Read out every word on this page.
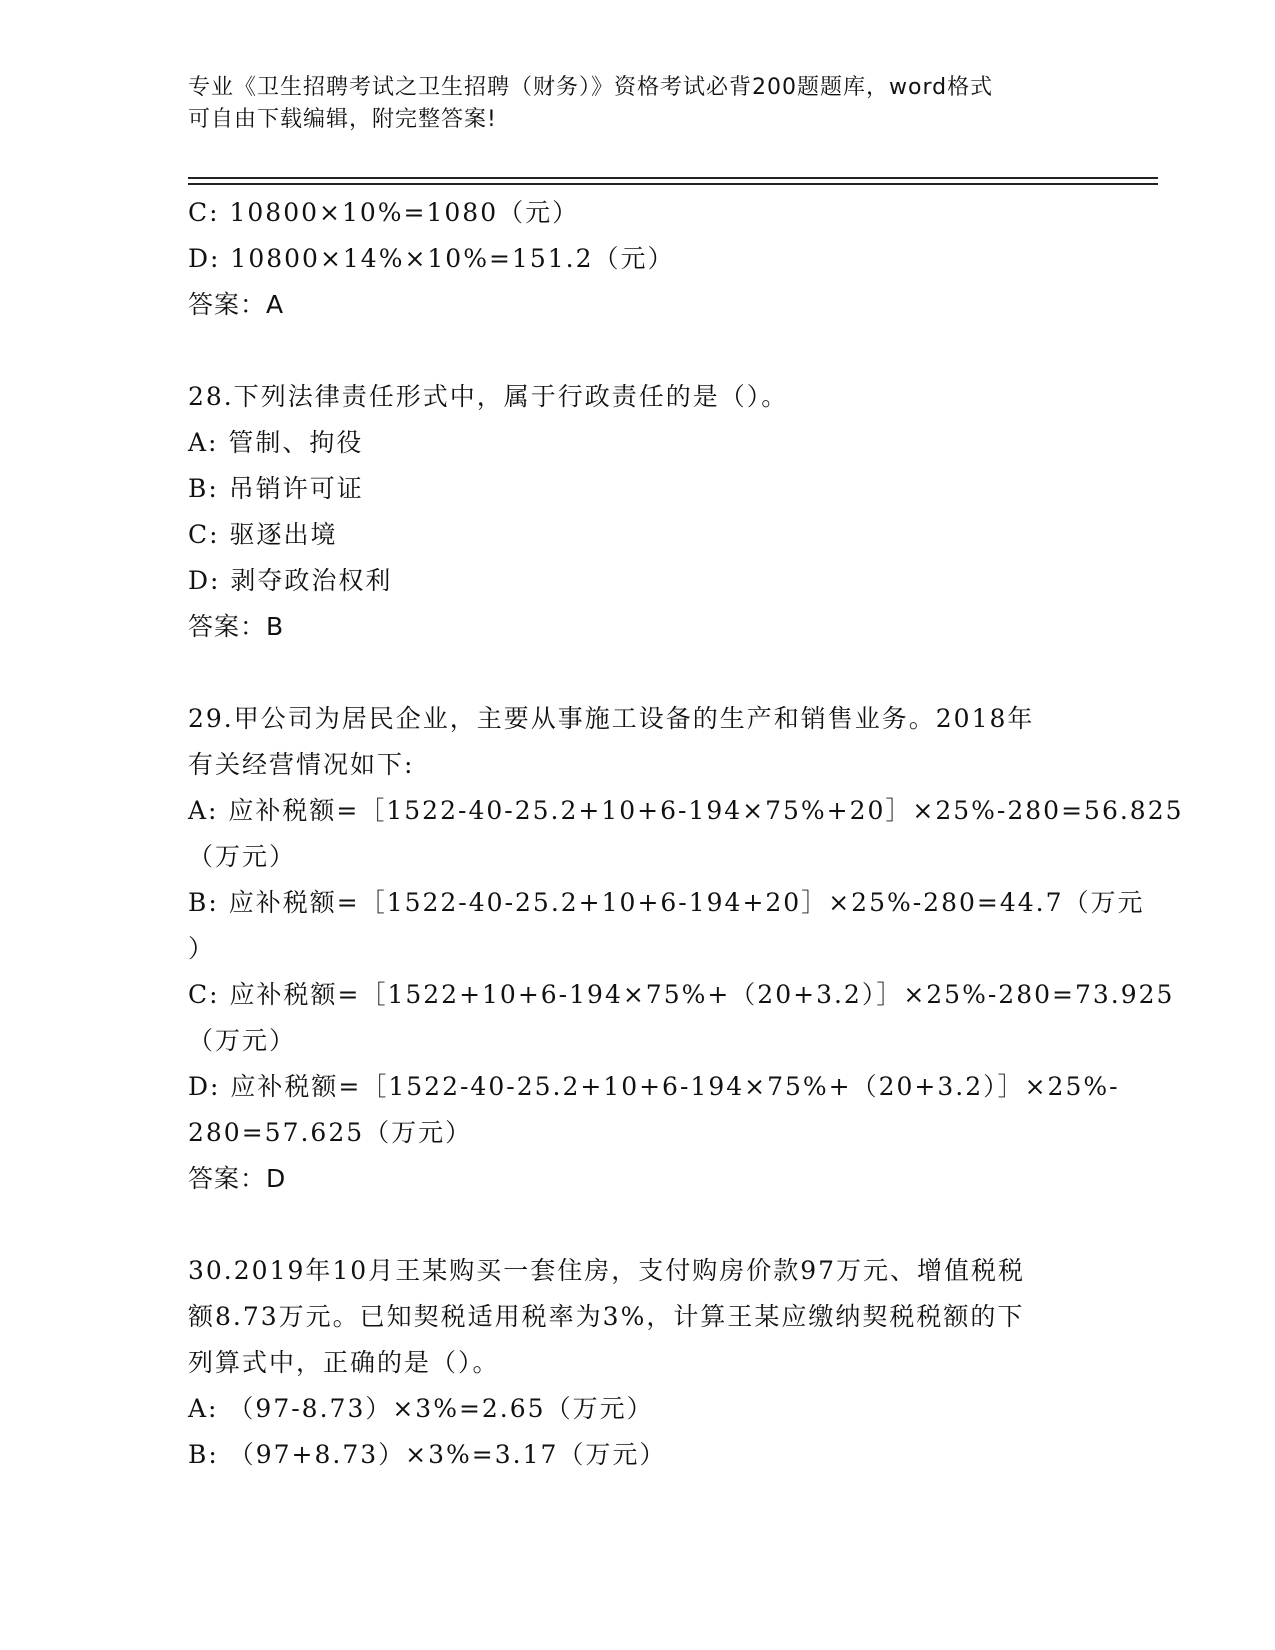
专业《卫生招聘考试之卫生招聘（财务）》资格考试必背200题题库，word格式
可自由下载编辑，附完整答案!
C: 10800×10%=1080（元）
D: 10800×14%×10%=151.2（元）
答案：A
28.下列法律责任形式中，属于行政责任的是（）。
A: 管制、拘役
B: 吊销许可证
C: 驱逐出境
D: 剥夺政治权利
答案：B
29.甲公司为居民企业，主要从事施工设备的生产和销售业务。2018年
有关经营情况如下:
A: 应补税额=［1522-40-25.2+10+6-194×75%+20］×25%-280=56.825
（万元）
B: 应补税额=［1522-40-25.2+10+6-194+20］×25%-280=44.7（万元
）
C: 应补税额=［1522+10+6-194×75%+（20+3.2）］×25%-280=73.925
（万元）
D: 应补税额=［1522-40-25.2+10+6-194×75%+（20+3.2）］×25%-
280=57.625（万元）
答案：D
30.2019年10月王某购买一套住房，支付购房价款97万元、增值税税
额8.73万元。已知契税适用税率为3%，计算王某应缴纳契税税额的下
列算式中，正确的是（）。
A: （97-8.73）×3%=2.65（万元）
B: （97+8.73）×3%=3.17（万元）
